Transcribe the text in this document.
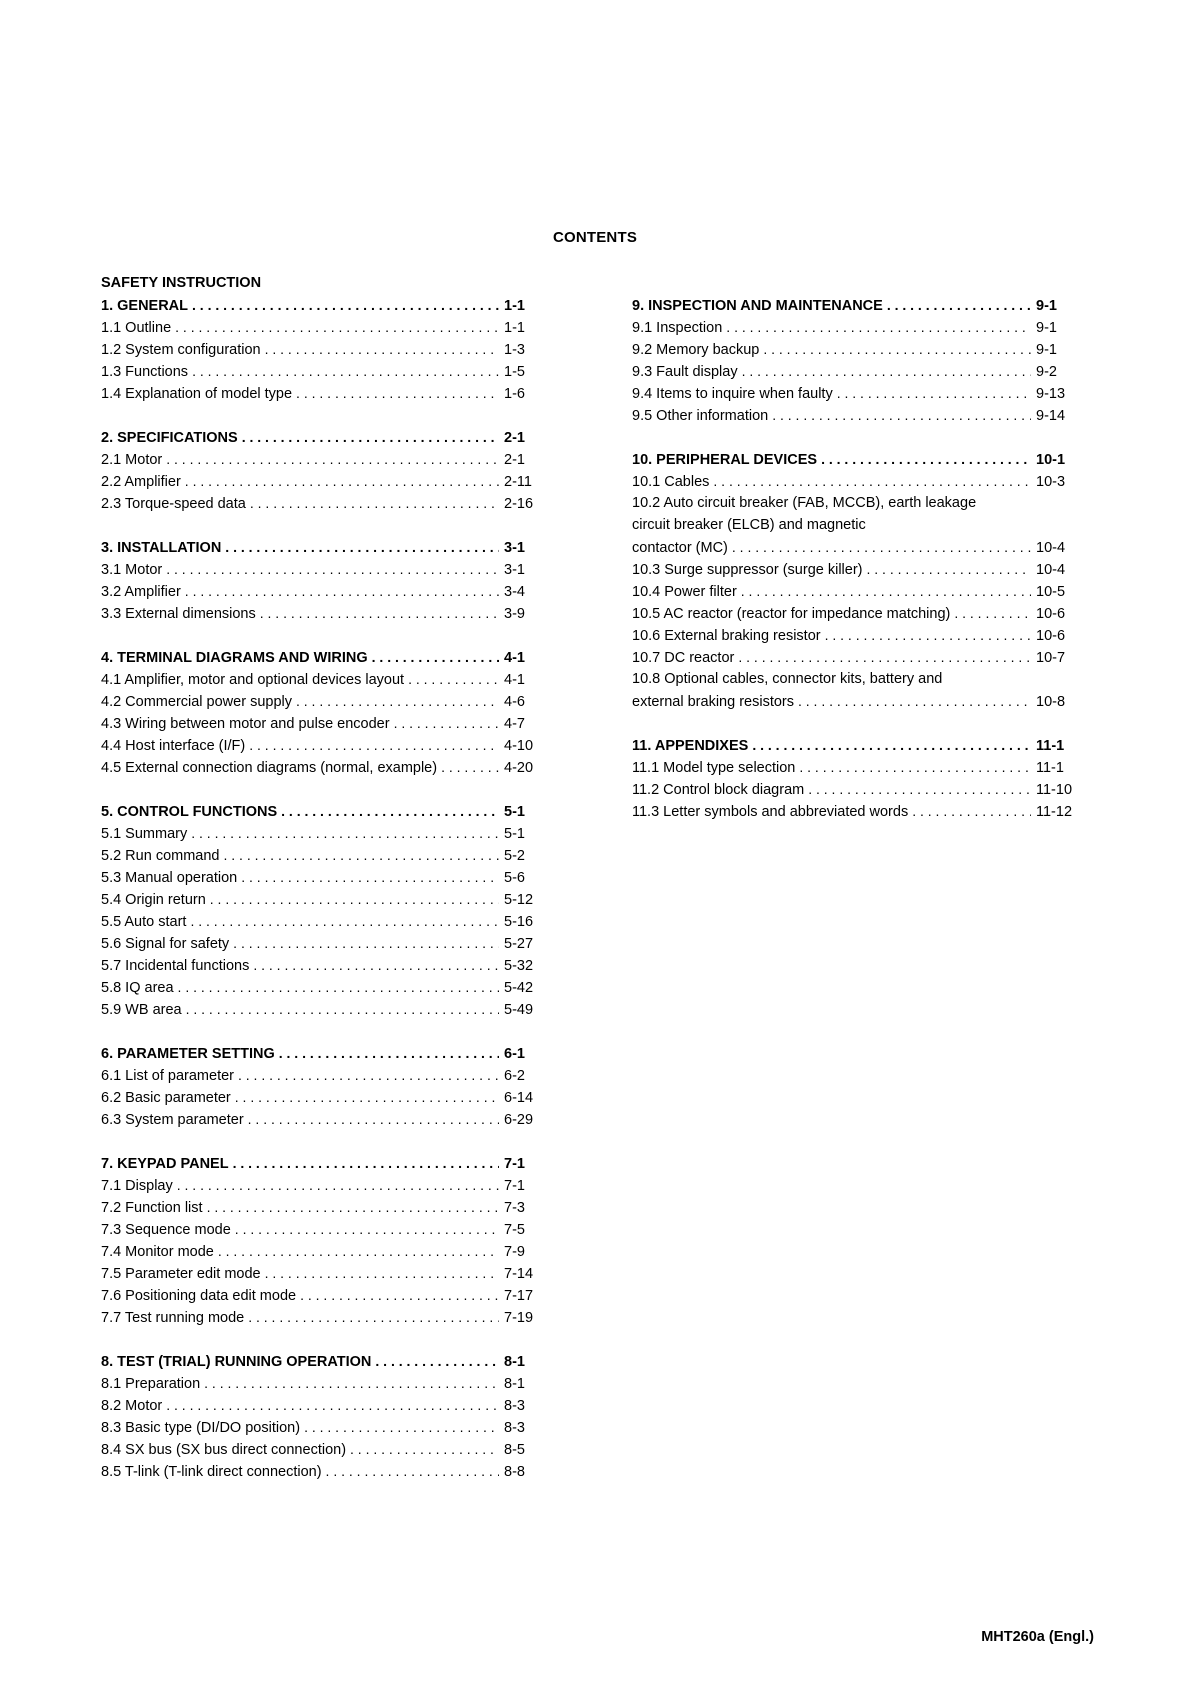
CONTENTS
SAFETY INSTRUCTION
1. GENERAL . . .	1-1
1.1 Outline . . .	1-1
1.2 System configuration . . .	1-3
1.3 Functions . . .	1-5
1.4 Explanation of model type . . .	1-6
2. SPECIFICATIONS . . .	2-1
2.1 Motor . . .	2-1
2.2 Amplifier . . .	2-11
2.3 Torque-speed data . . .	2-16
3. INSTALLATION . . .	3-1
3.1 Motor . . .	3-1
3.2 Amplifier . . .	3-4
3.3 External dimensions . . .	3-9
4. TERMINAL DIAGRAMS AND WIRING . . .	4-1
4.1 Amplifier, motor and optional devices layout . . .	4-1
4.2 Commercial power supply . . .	4-6
4.3 Wiring between motor and pulse encoder . . .	4-7
4.4 Host interface (I/F) . . .	4-10
4.5 External connection diagrams (normal, example) . . .	4-20
5. CONTROL FUNCTIONS . . .	5-1
5.1 Summary . . .	5-1
5.2 Run command . . .	5-2
5.3 Manual operation . . .	5-6
5.4 Origin return . . .	5-12
5.5 Auto start . . .	5-16
5.6 Signal for safety . . .	5-27
5.7 Incidental functions . . .	5-32
5.8 IQ area . . .	5-42
5.9 WB area . . .	5-49
6. PARAMETER SETTING . . .	6-1
6.1 List of parameter . . .	6-2
6.2 Basic parameter . . .	6-14
6.3 System parameter . . .	6-29
7. KEYPAD PANEL . . .	7-1
7.1 Display . . .	7-1
7.2 Function list . . .	7-3
7.3 Sequence mode . . .	7-5
7.4 Monitor mode . . .	7-9
7.5 Parameter edit mode . . .	7-14
7.6 Positioning data edit mode . . .	7-17
7.7 Test running mode . . .	7-19
8. TEST (TRIAL) RUNNING OPERATION . . .	8-1
8.1 Preparation . . .	8-1
8.2 Motor . . .	8-3
8.3 Basic type (DI/DO position) . . .	8-3
8.4 SX bus (SX bus direct connection) . . .	8-5
8.5 T-link (T-link direct connection) . . .	8-8
9. INSPECTION AND MAINTENANCE . . .	9-1
9.1 Inspection . . .	9-1
9.2 Memory backup . . .	9-1
9.3 Fault display . . .	9-2
9.4 Items to inquire when faulty . . .	9-13
9.5 Other information . . .	9-14
10. PERIPHERAL DEVICES . . .	10-1
10.1 Cables . . .	10-3
10.2 Auto circuit breaker (FAB, MCCB), earth leakage
circuit breaker (ELCB) and magnetic
contactor (MC) . . .	10-4
10.3 Surge suppressor (surge killer) . . .	10-4
10.4 Power filter . . .	10-5
10.5 AC reactor (reactor for impedance matching) . . .	10-6
10.6 External braking resistor . . .	10-6
10.7 DC reactor . . .	10-7
10.8 Optional cables, connector kits, battery and
external braking resistors . . .	10-8
11. APPENDIXES . . .	11-1
11.1 Model type selection . . .	11-1
11.2 Control block diagram . . .	11-10
11.3 Letter symbols and abbreviated words . . .	11-12
MHT260a (Engl.)
